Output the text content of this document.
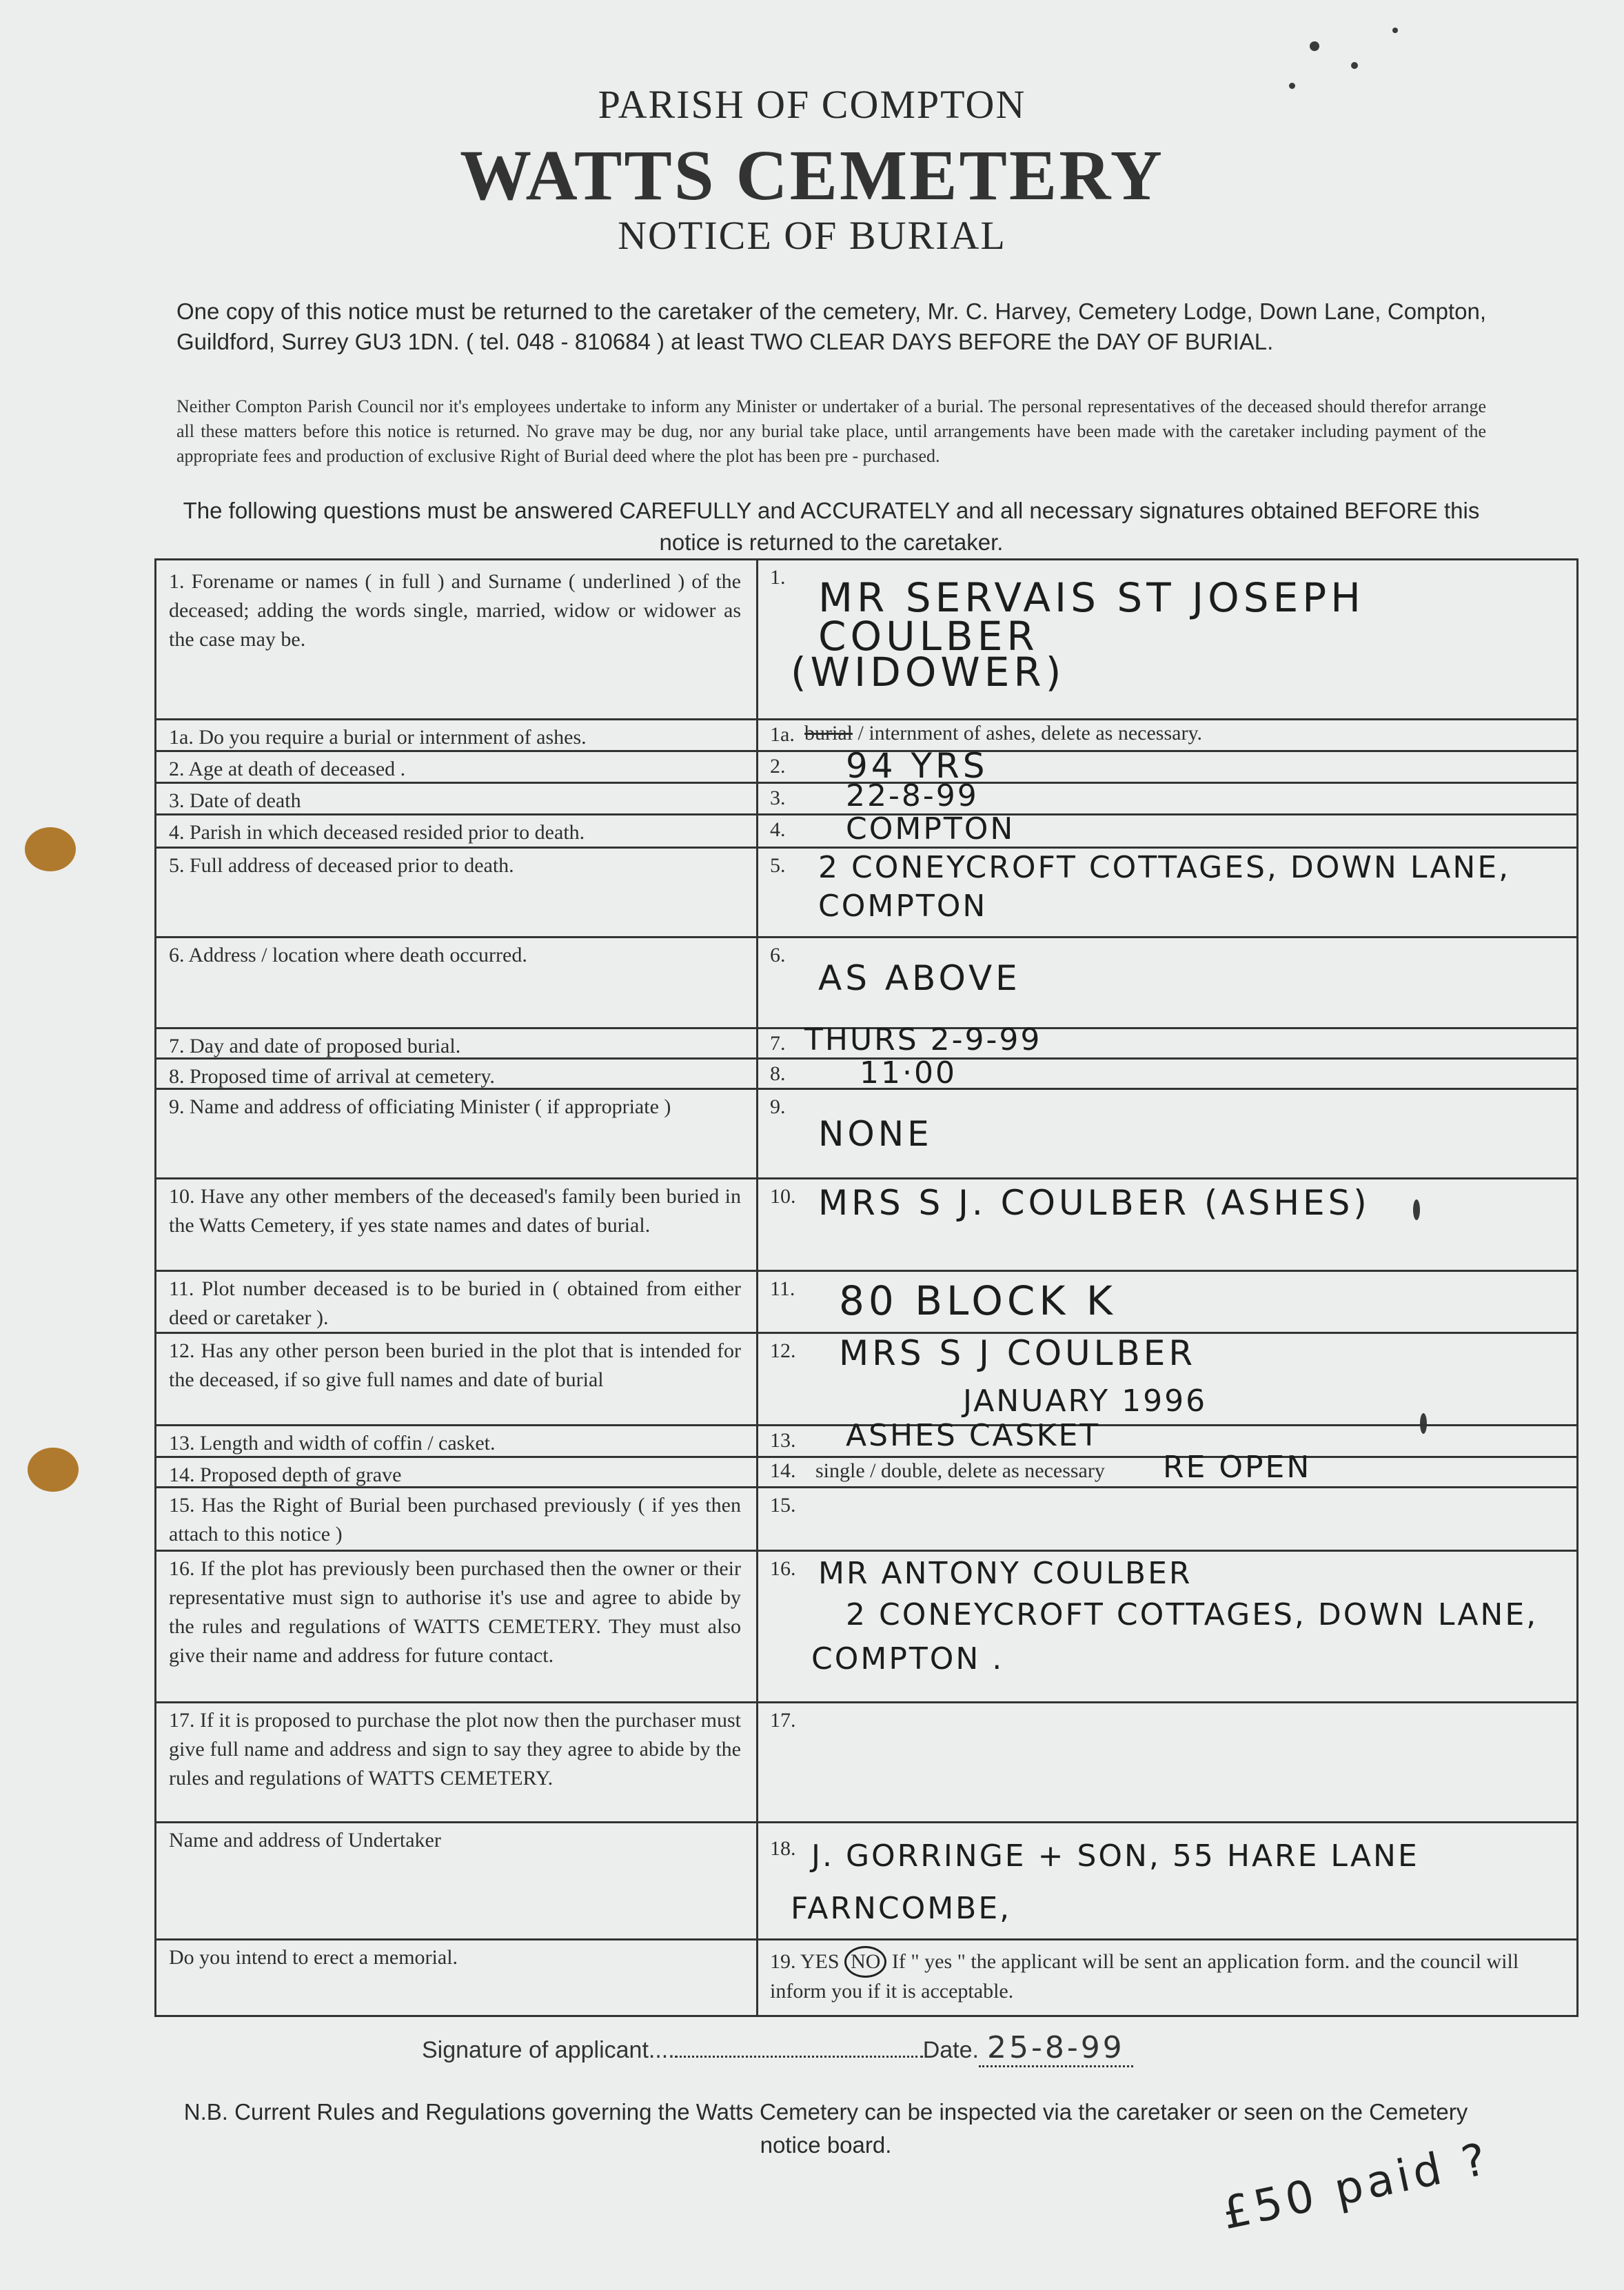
PARISH OF COMPTON
WATTS CEMETERY
NOTICE OF BURIAL
One copy of this notice must be returned to the caretaker of the cemetery, Mr. C. Harvey, Cemetery Lodge, Down Lane, Compton, Guildford, Surrey GU3 1DN. ( tel. 048 - 810684 ) at least TWO CLEAR DAYS BEFORE the DAY OF BURIAL.
Neither Compton Parish Council nor it's employees undertake to inform any Minister or undertaker of a burial. The personal representatives of the deceased should therefor arrange all these matters before this notice is returned. No grave may be dug, nor any burial take place, until arrangements have been made with the caretaker including payment of the appropriate fees and production of exclusive Right of Burial deed where the plot has been pre - purchased.
The following questions must be answered CAREFULLY and ACCURATELY and all necessary signatures obtained BEFORE this notice is returned to the caretaker.
1. Forename or names ( in full ) and Surname ( underlined ) of the deceased; adding the words single, married, widow or widower as the case may be.
1. MR SERVAIS ST JOSEPH COULBER
(WIDOWER)
1a. Do you require a burial or internment of ashes.	1a. burial / internment of ashes, delete as necessary.
2. Age at death of deceased .	2. 94 YRS
3. Date of death	3. 22-8-99
4. Parish in which deceased resided prior to death.	4. COMPTON
5. Full address of deceased prior to death.	5. 2 CONEYCROFT COTTAGES, DOWN LANE,
COMPTON
6. Address / location where death occurred.	6.
AS ABOVE
7. Day and date of proposed burial.	7. THURS 2-9-99
8. Proposed time of arrival at cemetery.	8. 11·00
9. Name and address of officiating Minister ( if appropriate )	9.
NONE
10. Have any other members of the deceased's family been buried in the Watts Cemetery, if yes state names and dates of burial.
10. MRS S J. COULBER (ASHES)
11. Plot number deceased is to be buried in ( obtained from either deed or caretaker ).
11. 80 BLOCK K
12. Has any other person been buried in the plot that is intended for the deceased, if so give full names and date of burial
12. MRS S J COULBER
JANUARY 1996
13. Length and width of coffin / casket.	13. ASHES CASKET
14. Proposed depth of grave	14. single / double, delete as necessary RE OPEN
15. Has the Right of Burial been purchased previously ( if yes then attach to this notice )
15.
16. If the plot has previously been purchased then the owner or their representative must sign to authorise it's use and agree to abide by the rules and regulations of WATTS CEMETERY. They must also give their name and address for future contact.
16. MR ANTONY COULBER
2 CONEYCROFT COTTAGES, DOWN LANE,
COMPTON .
17. If it is proposed to purchase the plot now then the purchaser must give full name and address and sign to say they agree to abide by the rules and regulations of WATTS CEMETERY.
17.
Name and address of Undertaker	18. J. GORRINGE + SON, 55 HARE LANE
FARNCOMBE,
Do you intend to erect a memorial.	19. YES NO If " yes " the applicant will be sent an application form. and the council will inform you if it is acceptable.
Signature of applicant....	Date. 25-8-99
N.B. Current Rules and Regulations governing the Watts Cemetery can be inspected via the caretaker or seen on the Cemetery notice board.	£50 paid ?
